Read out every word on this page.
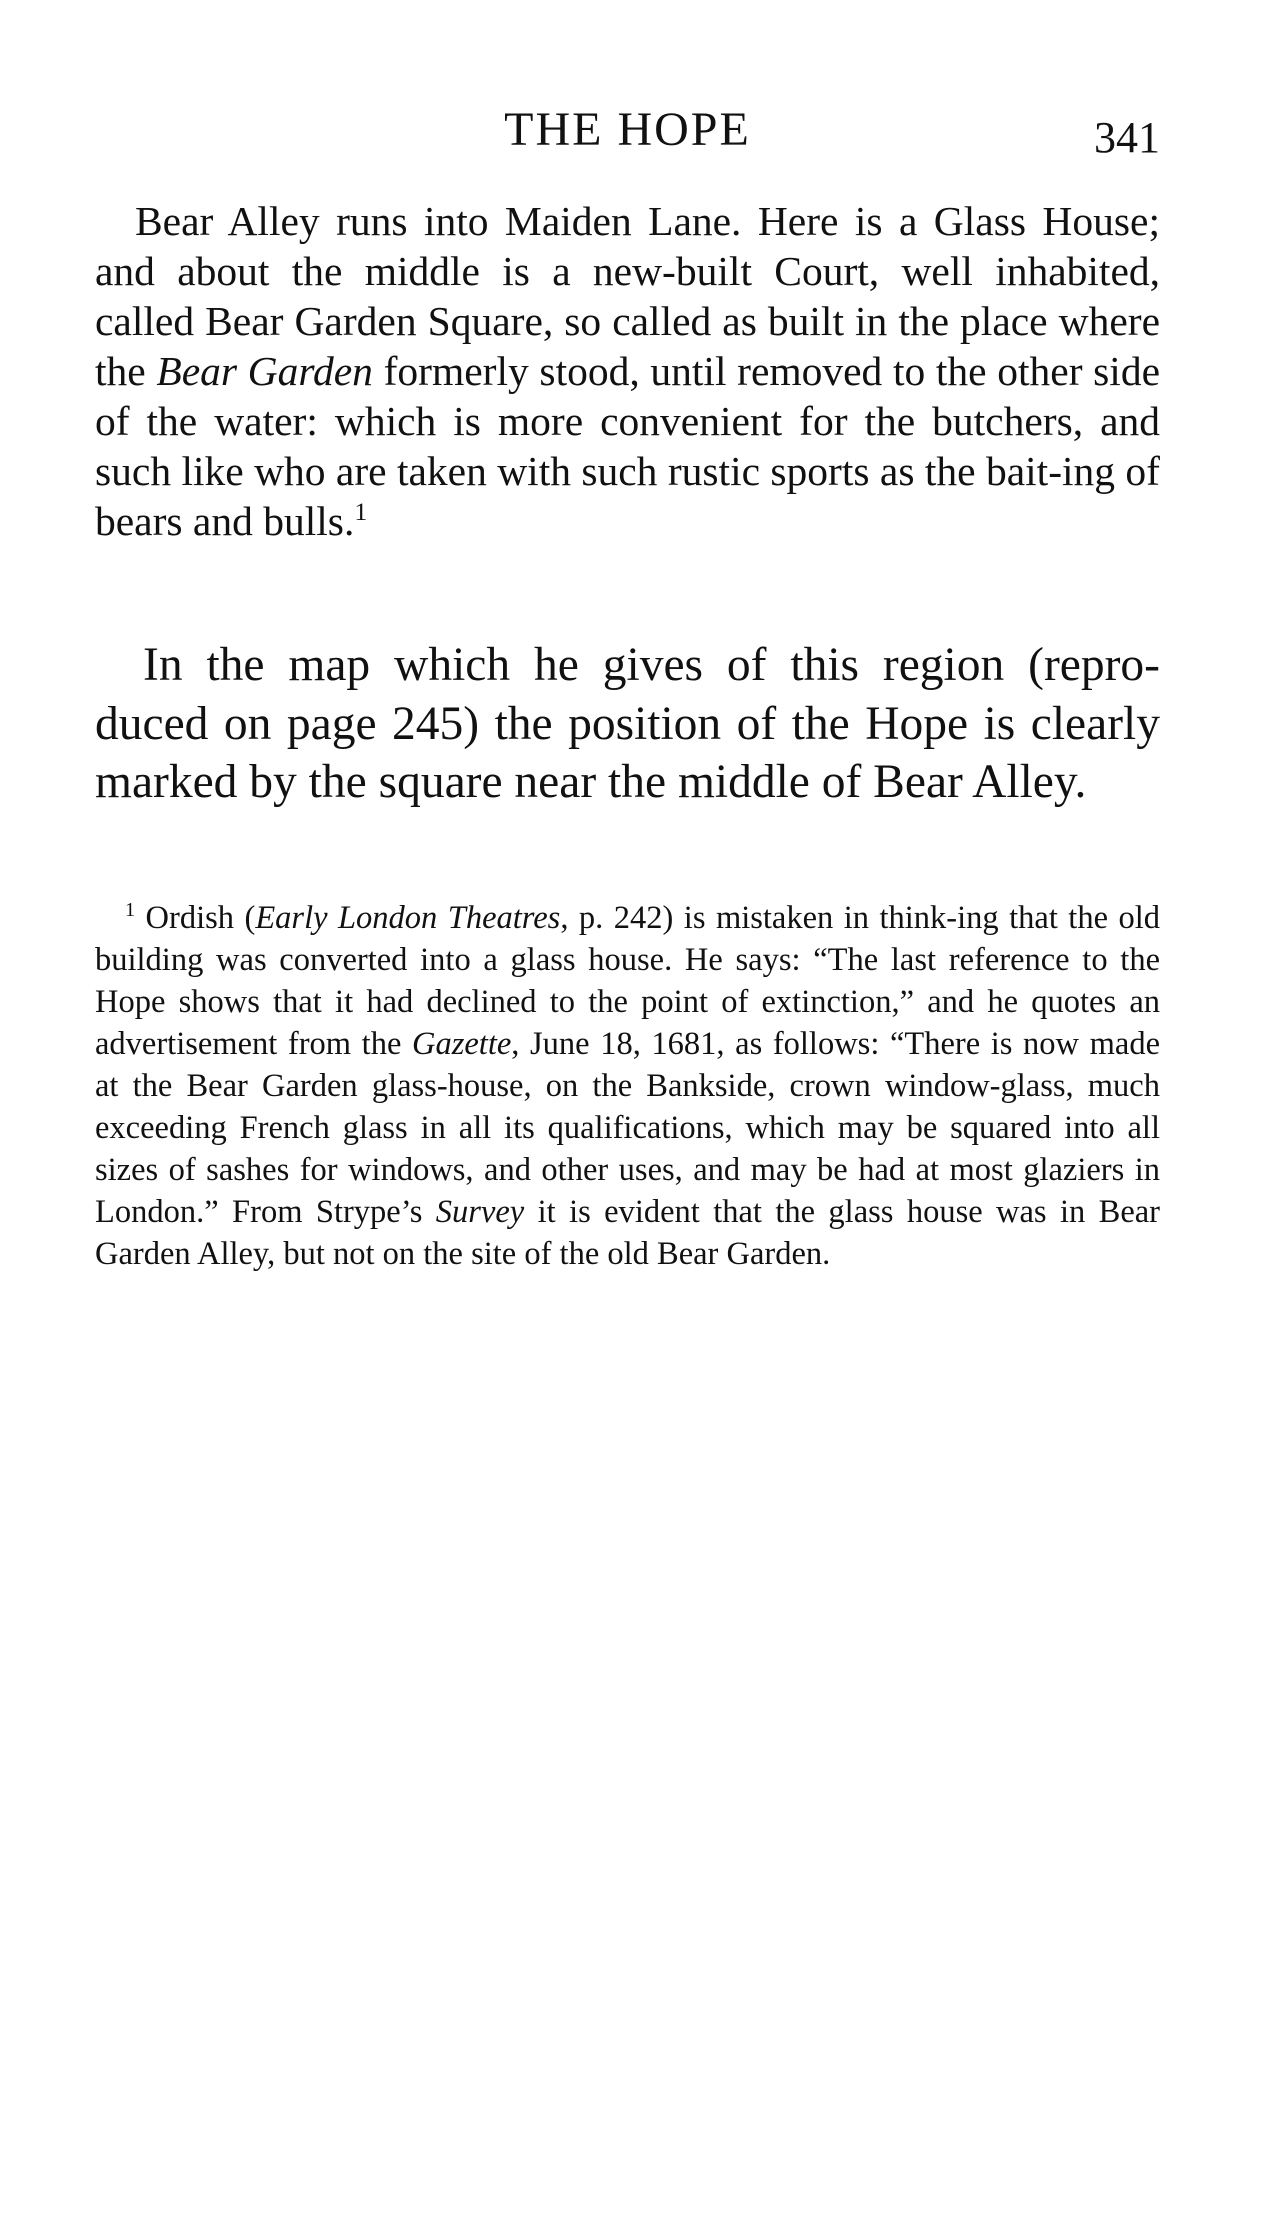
THE HOPE	341

Bear Alley runs into Maiden Lane. Here is a Glass House; and about the middle is a new-built Court, well inhabited, called Bear Garden Square, so called as built in the place where the Bear Garden formerly stood, until removed to the other side of the water: which is more convenient for the butchers, and such like who are taken with such rustic sports as the bait-ing of bears and bulls.$^1$

In the map which he gives of this region (repro-duced on page 245) the position of the Hope is clearly marked by the square near the middle of Bear Alley.

$^1$ Ordish (Early London Theatres, p. 242) is mistaken in think-ing that the old building was converted into a glass house. He says: “The last reference to the Hope shows that it had declined to the point of extinction,” and he quotes an advertisement from the Gazette, June 18, 1681, as follows: “There is now made at the Bear Garden glass-house, on the Bankside, crown window-glass, much exceeding French glass in all its qualifications, which may be squared into all sizes of sashes for windows, and other uses, and may be had at most glaziers in London.” From Strype’s Survey it is evident that the glass house was in Bear Garden Alley, but not on the site of the old Bear Garden.
